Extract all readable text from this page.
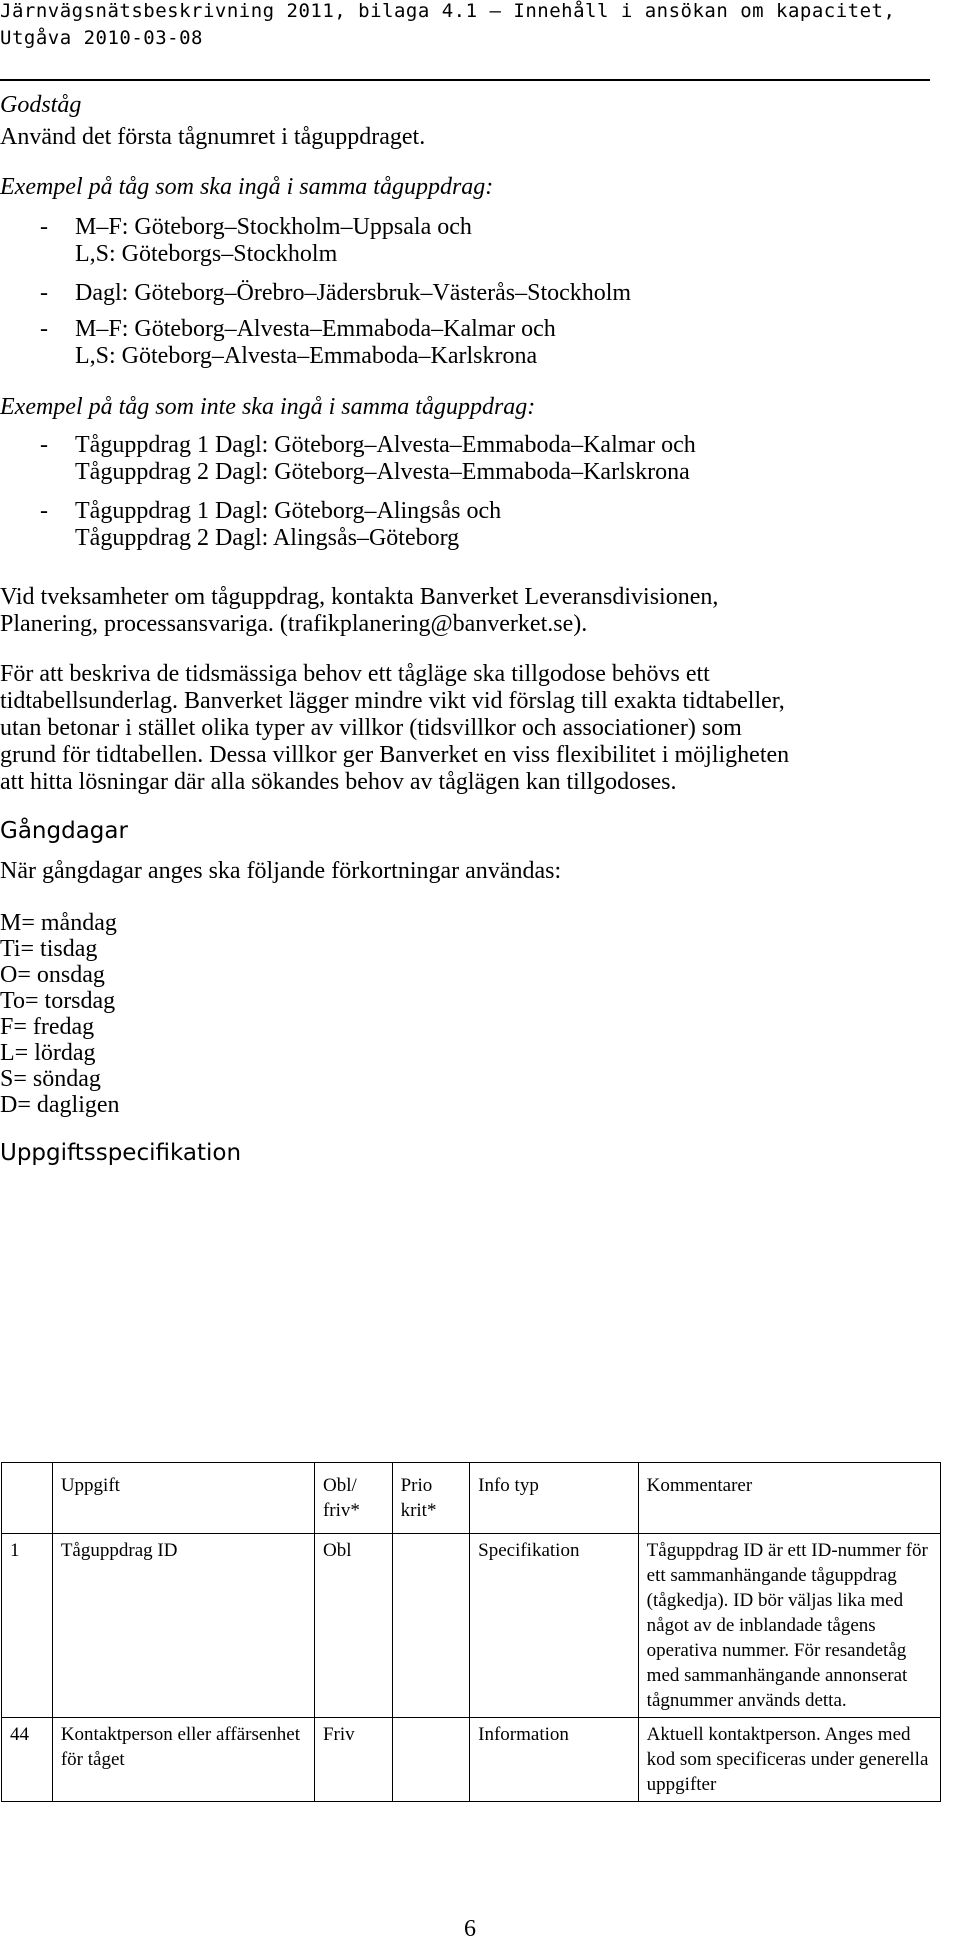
Järnvägsnätsbeskrivning 2011, bilaga 4.1 – Innehåll i ansökan om kapacitet,
Utgåva 2010-03-08
Godståg
Använd det första tågnumret i tåguppdraget.
Exempel på tåg som ska ingå i samma tåguppdrag:
- M–F: Göteborg–Stockholm–Uppsala och
L,S: Göteborgs–Stockholm
- Dagl: Göteborg–Örebro–Jädersbruk–Västerås–Stockholm
- M–F: Göteborg–Alvesta–Emmaboda–Kalmar och
L,S: Göteborg–Alvesta–Emmaboda–Karlskrona
Exempel på tåg som inte ska ingå i samma tåguppdrag:
- Tåguppdrag 1 Dagl: Göteborg–Alvesta–Emmaboda–Kalmar och
Tåguppdrag 2 Dagl: Göteborg–Alvesta–Emmaboda–Karlskrona
- Tåguppdrag 1 Dagl: Göteborg–Alingsås och
Tåguppdrag 2 Dagl: Alingsås–Göteborg
Vid tveksamheter om tåguppdrag, kontakta Banverket Leveransdivisionen,
Planering, processansvariga. (trafikplanering@banverket.se).
För att beskriva de tidsmässiga behov ett tågläge ska tillgodose behövs ett
tidtabellsunderlag. Banverket lägger mindre vikt vid förslag till exakta tidtabeller,
utan betonar i stället olika typer av villkor (tidsvillkor och associationer) som
grund för tidtabellen. Dessa villkor ger Banverket en viss flexibilitet i möjligheten
att hitta lösningar där alla sökandes behov av tåglägen kan tillgodoses.
Gångdagar
När gångdagar anges ska följande förkortningar användas:
M= måndag
Ti= tisdag
O= onsdag
To= torsdag
F= fredag
L= lördag
S= söndag
D= dagligen
Uppgiftsspecifikation
	Uppgift	Obl/ friv*	Prio krit*	Info typ	Kommentarer
1	Tåguppdrag ID	Obl		Specifikation	Tåguppdrag ID är ett ID-nummer för ett sammanhängande tåguppdrag (tågkedja). ID bör väljas lika med något av de inblandade tågens operativa nummer. För resandetåg med sammanhängande annonserat tågnummer används detta.
44	Kontaktperson eller affärsenhet för tåget	Friv		Information	Aktuell kontaktperson. Anges med kod som specificeras under generella uppgifter
6
